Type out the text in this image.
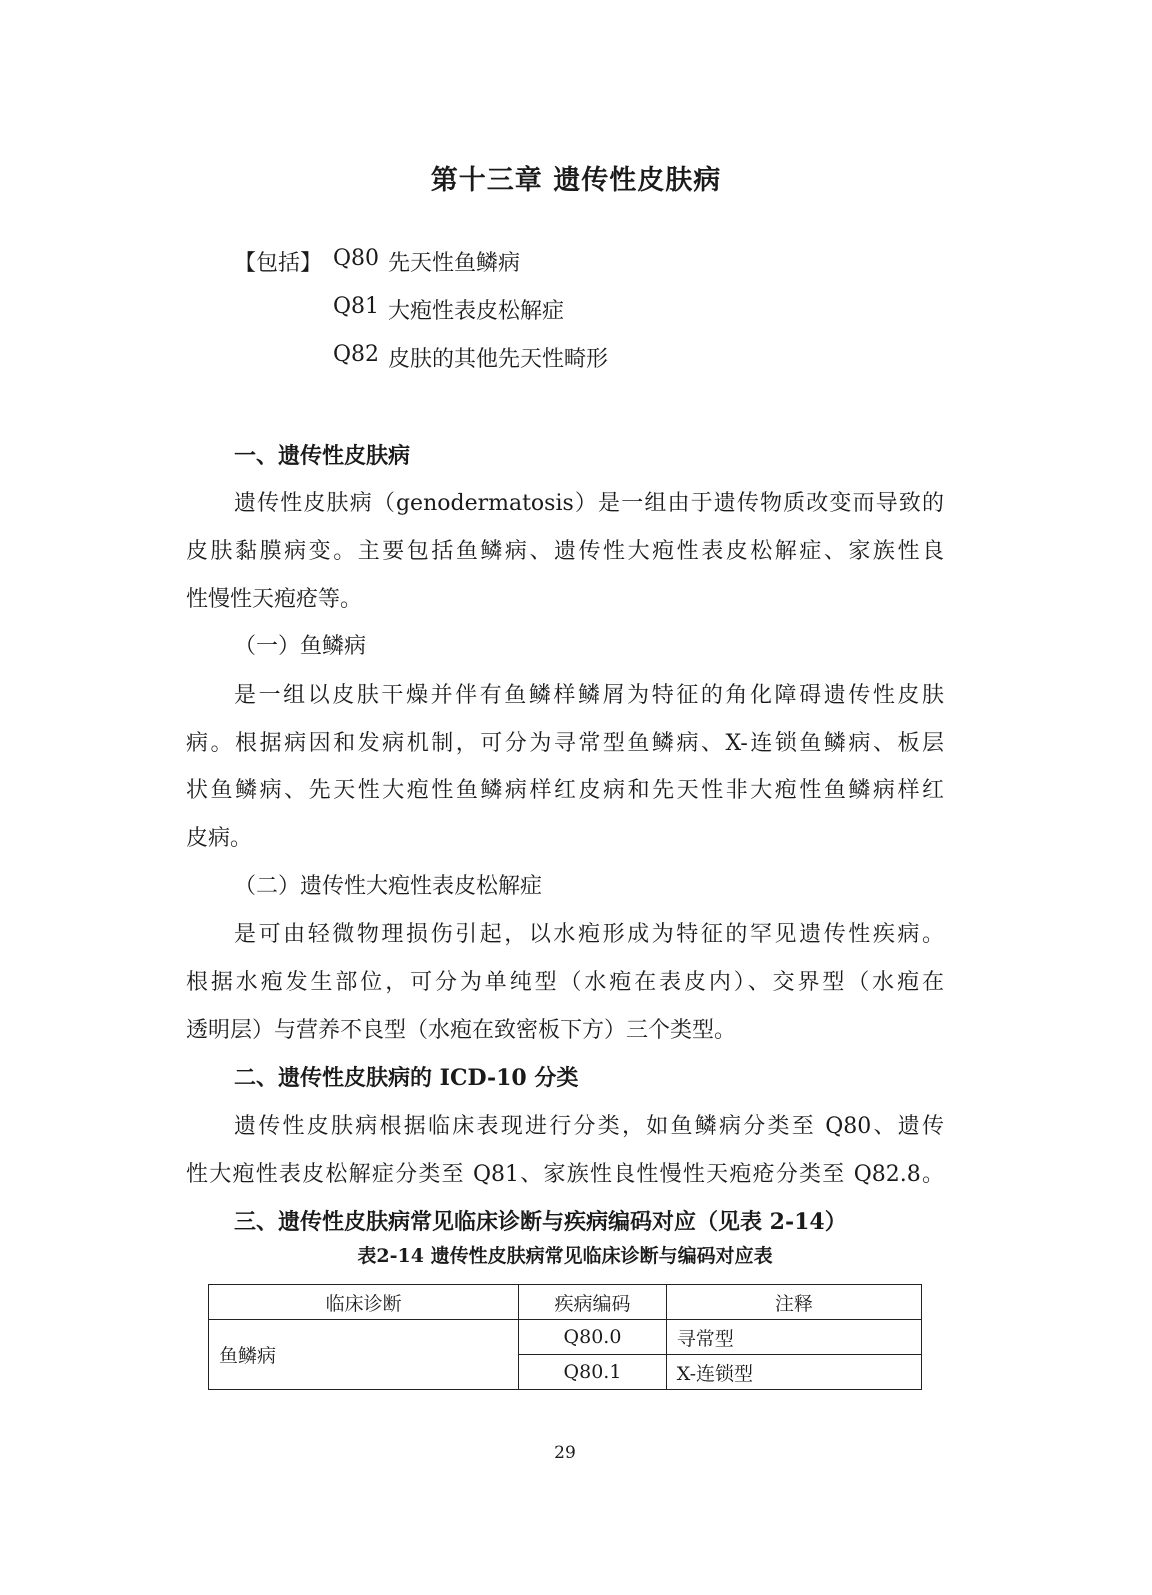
第十三章 遗传性皮肤病
【包括】 Q80 先天性鱼鳞病
Q81 大疱性表皮松解症
Q82 皮肤的其他先天性畸形
一、遗传性皮肤病
遗传性皮肤病（genodermatosis）是一组由于遗传物质改变而导致的
皮肤黏膜病变。主要包括鱼鳞病、遗传性大疱性表皮松解症、家族性良
性慢性天疱疮等。
（一）鱼鳞病
是一组以皮肤干燥并伴有鱼鳞样鳞屑为特征的角化障碍遗传性皮肤
病。根据病因和发病机制，可分为寻常型鱼鳞病、X-连锁鱼鳞病、板层
状鱼鳞病、先天性大疱性鱼鳞病样红皮病和先天性非大疱性鱼鳞病样红
皮病。
（二）遗传性大疱性表皮松解症
是可由轻微物理损伤引起，以水疱形成为特征的罕见遗传性疾病。
根据水疱发生部位，可分为单纯型（水疱在表皮内）、交界型（水疱在
透明层）与营养不良型（水疱在致密板下方）三个类型。
二、遗传性皮肤病的 ICD-10 分类
遗传性皮肤病根据临床表现进行分类，如鱼鳞病分类至 Q80、遗传
性大疱性表皮松解症分类至 Q81、家族性良性慢性天疱疮分类至 Q82.8。
三、遗传性皮肤病常见临床诊断与疾病编码对应（见表 2-14）
表2-14 遗传性皮肤病常见临床诊断与编码对应表
临床诊断	疾病编码	注释
鱼鳞病	Q80.0	寻常型
	Q80.1	X-连锁型
29
